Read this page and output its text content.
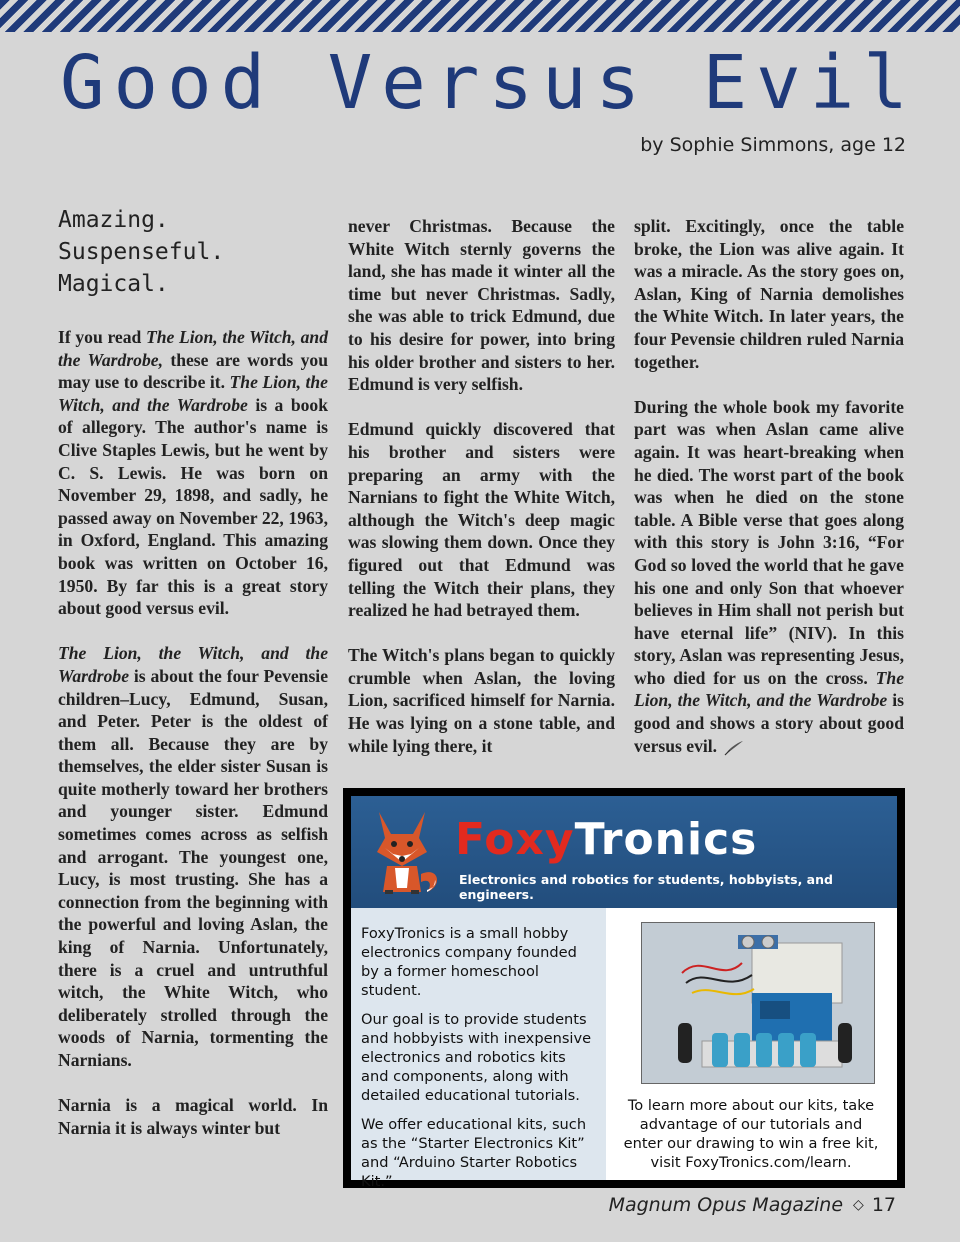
Good Versus Evil
by Sophie Simmons, age 12
Amazing.
Suspenseful.
Magical.

If you read The Lion, the Witch, and the Wardrobe, these are words you may use to describe it. The Lion, the Witch, and the Wardrobe is a book of allegory. The author's name is Clive Staples Lewis, but he went by C. S. Lewis. He was born on November 29, 1898, and sadly, he passed away on November 22, 1963, in Oxford, England. This amazing book was written on October 16, 1950. By far this is a great story about good versus evil.

The Lion, the Witch, and the Wardrobe is about the four Pevensie children–Lucy, Edmund, Susan, and Peter. Peter is the oldest of them all. Because they are by themselves, the elder sister Susan is quite motherly toward her brothers and younger sister. Edmund sometimes comes across as selfish and arrogant. The youngest one, Lucy, is most trusting. She has a connection from the beginning with the powerful and loving Aslan, the king of Narnia. Unfortunately, there is a cruel and untruthful witch, the White Witch, who deliberately strolled through the woods of Narnia, tormenting the Narnians.

Narnia is a magical world. In Narnia it is always winter but

never Christmas. Because the White Witch sternly governs the land, she has made it winter all the time but never Christmas. Sadly, she was able to trick Edmund, due to his desire for power, into bring his older brother and sisters to her. Edmund is very selfish.

Edmund quickly discovered that his brother and sisters were preparing an army with the Narnians to fight the White Witch, although the Witch's deep magic was slowing them down. Once they figured out that Edmund was telling the Witch their plans, they realized he had betrayed them.

The Witch's plans began to quickly crumble when Aslan, the loving Lion, sacrificed himself for Narnia. He was lying on a stone table, and while lying there, it

split. Excitingly, once the table broke, the Lion was alive again. It was a miracle. As the story goes on, Aslan, King of Narnia demolishes the White Witch. In later years, the four Pevensie children ruled Narnia together.

During the whole book my favorite part was when Aslan came alive again. It was heart-breaking when he died. The worst part of the book was when he died on the stone table. A Bible verse that goes along with this story is John 3:16, “For God so loved the world that he gave his one and only Son that whoever believes in Him shall not perish but have eternal life” (NIV). In this story, Aslan was representing Jesus, who died for us on the cross. The Lion, the Witch, and the Wardrobe is good and shows a story about good versus evil.

FoxyTronics
Electronics and robotics for students, hobbyists, and engineers.

FoxyTronics is a small hobby electronics company founded by a former homeschool student.

Our goal is to provide students and hobbyists with inexpensive electronics and robotics kits and components, along with detailed educational tutorials.

We offer educational kits, such as the “Starter Electronics Kit” and “Arduino Starter Robotics Kit.”

To learn more about our kits, take advantage of our tutorials and enter our drawing to win a free kit, visit FoxyTronics.com/learn.
Magnum Opus Magazine ◇ 17
